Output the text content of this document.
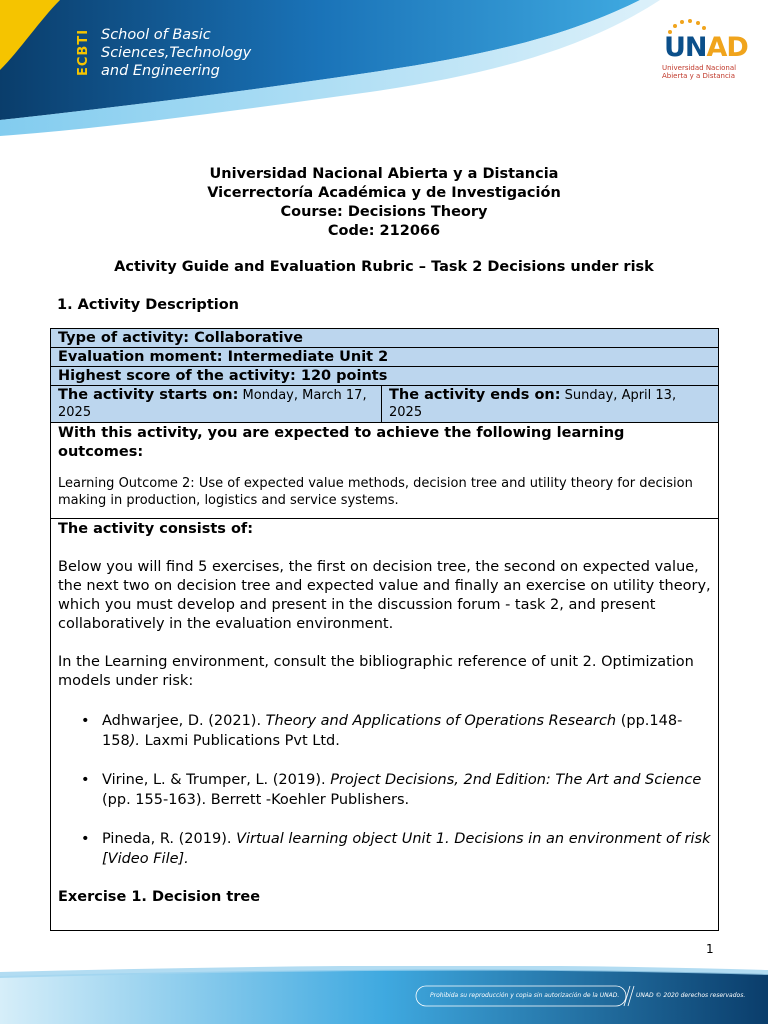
ECBTI School of Basic
Sciences,Technology
and Engineering
UNAD
Universidad Nacional
Abierta y a Distancia
Universidad Nacional Abierta y a Distancia
Vicerrectoría Académica y de Investigación
Course: Decisions Theory
Code: 212066
Activity Guide and Evaluation Rubric – Task 2 Decisions under risk
1. Activity Description
Type of activity: Collaborative
Evaluation moment: Intermediate Unit 2
Highest score of the activity: 120 points
The activity starts on: Monday, March 17, 2025
The activity ends on: Sunday, April 13, 2025
With this activity, you are expected to achieve the following learning outcomes:
Learning Outcome 2: Use of expected value methods, decision tree and utility theory for decision making in production, logistics and service systems.
The activity consists of:
Below you will find 5 exercises, the first on decision tree, the second on expected value, the next two on decision tree and expected value and finally an exercise on utility theory, which you must develop and present in the discussion forum - task 2, and present collaboratively in the evaluation environment.
In the Learning environment, consult the bibliographic reference of unit 2. Optimization models under risk:
• Adhwarjee, D. (2021). Theory and Applications of Operations Research (pp.148-158). Laxmi Publications Pvt Ltd.
• Virine, L. & Trumper, L. (2019). Project Decisions, 2nd Edition: The Art and Science (pp. 155-163). Berrett -Koehler Publishers.
• Pineda, R. (2019). Virtual learning object Unit 1. Decisions in an environment of risk [Video File].
Exercise 1. Decision tree
1
Prohibida su reproducción y copia sin autorización de la UNAD.	UNAD © 2020 derechos reservados.
